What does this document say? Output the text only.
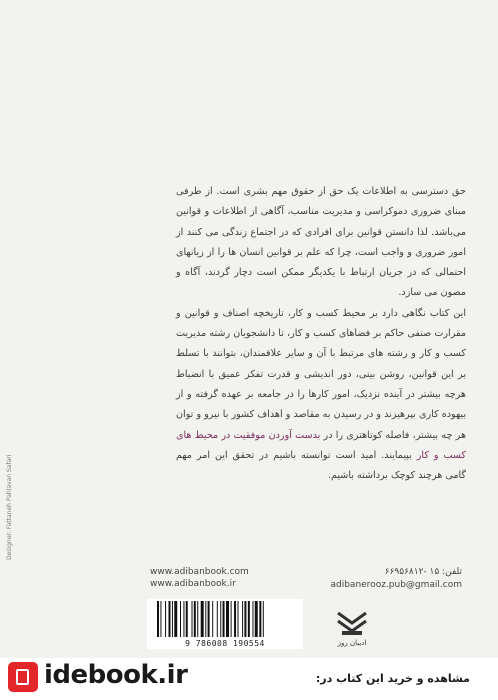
Designer: Fattaneh Pahlavan Safari

حق دسترسی به اطلاعات یک حق از حقوق مهم بشری است. از طرفی مبنای ضروری دموکراسی و مدیریت مناسب، آگاهی از اطلاعات و قوانین می‌باشد. لذا دانستن قوانین برای افرادی که در اجتماع زندگی می کنند از امور ضروری و واجب است، چرا که علم بر قوانین انسان ها را از زیانهای احتمالی که در جریان ارتباط با یکدیگر ممکن است دچار گردند، آگاه و مصون می سازد.

این کتاب نگاهی دارد بر محیط کسب و کار، تاریخچه اصناف و قوانین و مقرارت صنفی حاکم بر فضاهای کسب و کار، تا دانشجویان رشته مدیریت کسب و کار و رشته های مرتبط با آن و سایر علاقمندان، بتوانند با تسلط بر این قوانین، روشن بینی، دور اندیشی و قدرت تفکر عمیق با انضباط هرچه بیشتر در آینده نزدیک، امور کارها را در جامعه بر عهده گرفته و از بیهوده کاری بپرهیزند و در رسیدن به مقاصد و اهداف کشور با نیرو و توان هر چه بیشتر، فاصله کوتاهتری را در بدست آوردن موفقیت در محیط های کسب و کار بپیمایند. امید است توانسته باشیم در تحقق این امر مهم گامی هرچند کوچک برداشته باشیم.

www.adibanbook.com
www.adibanbook.ir
تلفن: ۱۵ -۶۶۹۵۶۸۱۲
adibanerooz.pub@gmail.com
9 786008 190554	ادیبان روز
idebook.ir	مشاهده و خرید این کتاب در:
